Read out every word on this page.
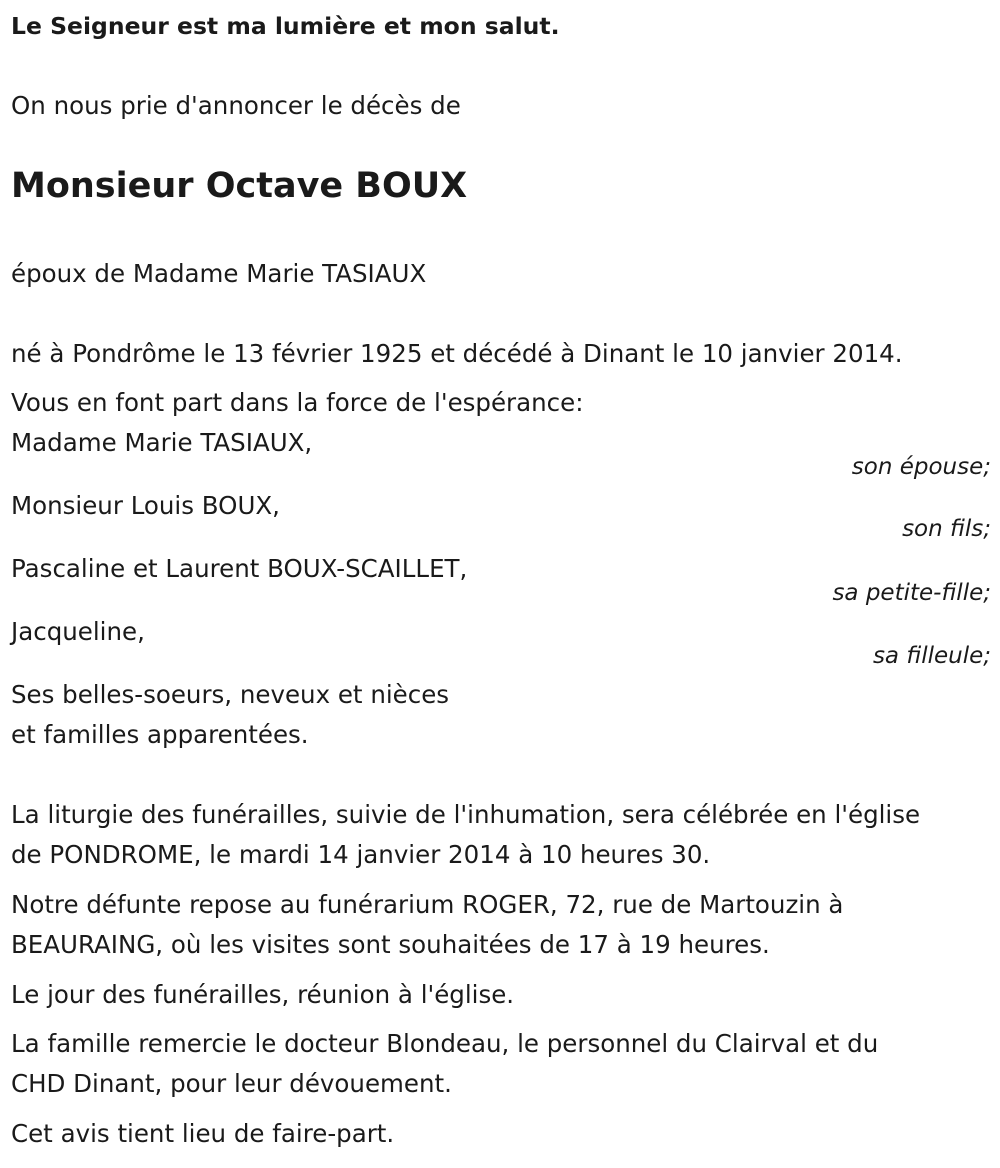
Le Seigneur est ma lumière et mon salut.

On nous prie d'annoncer le décès de

Monsieur Octave BOUX

époux de Madame Marie TASIAUX

né à Pondrôme le 13 février 1925 et décédé à Dinant le 10 janvier 2014.

Vous en font part dans la force de l'espérance:

Madame Marie TASIAUX,

son épouse;

Monsieur Louis BOUX,

son fils;

Pascaline et Laurent BOUX-SCAILLET,

sa petite-fille;

Jacqueline,

sa filleule;

Ses belles-soeurs, neveux et nièces

et familles apparentées.

La liturgie des funérailles, suivie de l'inhumation, sera célébrée en l'église

de PONDROME, le mardi 14 janvier 2014 à 10 heures 30.

Notre défunte repose au funérarium ROGER, 72, rue de Martouzin à

BEAURAING, où les visites sont souhaitées de 17 à 19 heures.

Le jour des funérailles, réunion à l'église.

La famille remercie le docteur Blondeau, le personnel du Clairval et du

CHD Dinant, pour leur dévouement.

Cet avis tient lieu de faire-part.
